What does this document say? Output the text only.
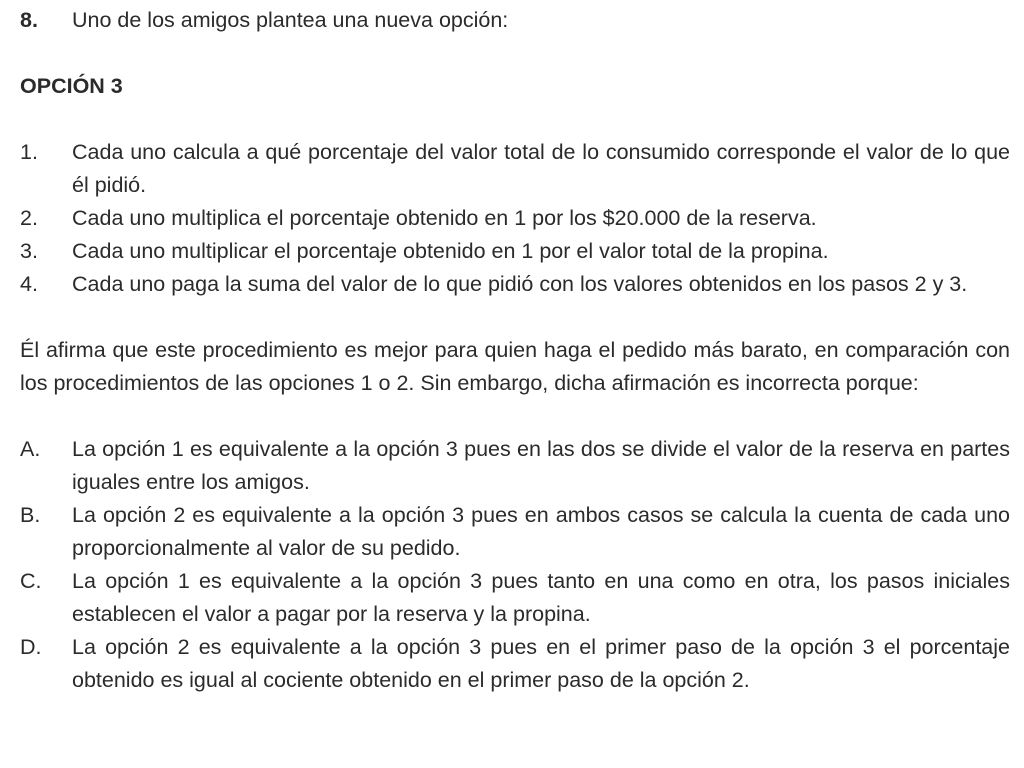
8.	Uno de los amigos plantea una nueva opción:
OPCIÓN 3
1.	Cada uno calcula a qué porcentaje del valor total de lo consumido corresponde el valor de lo que él pidió.
2.	Cada uno multiplica el porcentaje obtenido en 1 por los $20.000 de la reserva.
3.	Cada uno multiplicar el porcentaje obtenido en 1 por el valor total de la propina.
4.	Cada uno paga la suma del valor de lo que pidió con los valores obtenidos en los pasos 2 y 3.
Él afirma que este procedimiento es mejor para quien haga el pedido más barato, en comparación con los procedimientos de las opciones 1 o 2. Sin embargo, dicha afirmación es incorrecta porque:
A.	La opción 1 es equivalente a la opción 3 pues en las dos se divide el valor de la reserva en partes iguales entre los amigos.
B.	La opción 2 es equivalente a la opción 3 pues en ambos casos se calcula la cuenta de cada uno proporcionalmente al valor de su pedido.
C.	La opción 1 es equivalente a la opción 3 pues tanto en una como en otra, los pasos iniciales establecen el valor a pagar por la reserva y la propina.
D.	La opción 2 es equivalente a la opción 3 pues en el primer paso de la opción 3 el porcentaje obtenido es igual al cociente obtenido en el primer paso de la opción 2.
